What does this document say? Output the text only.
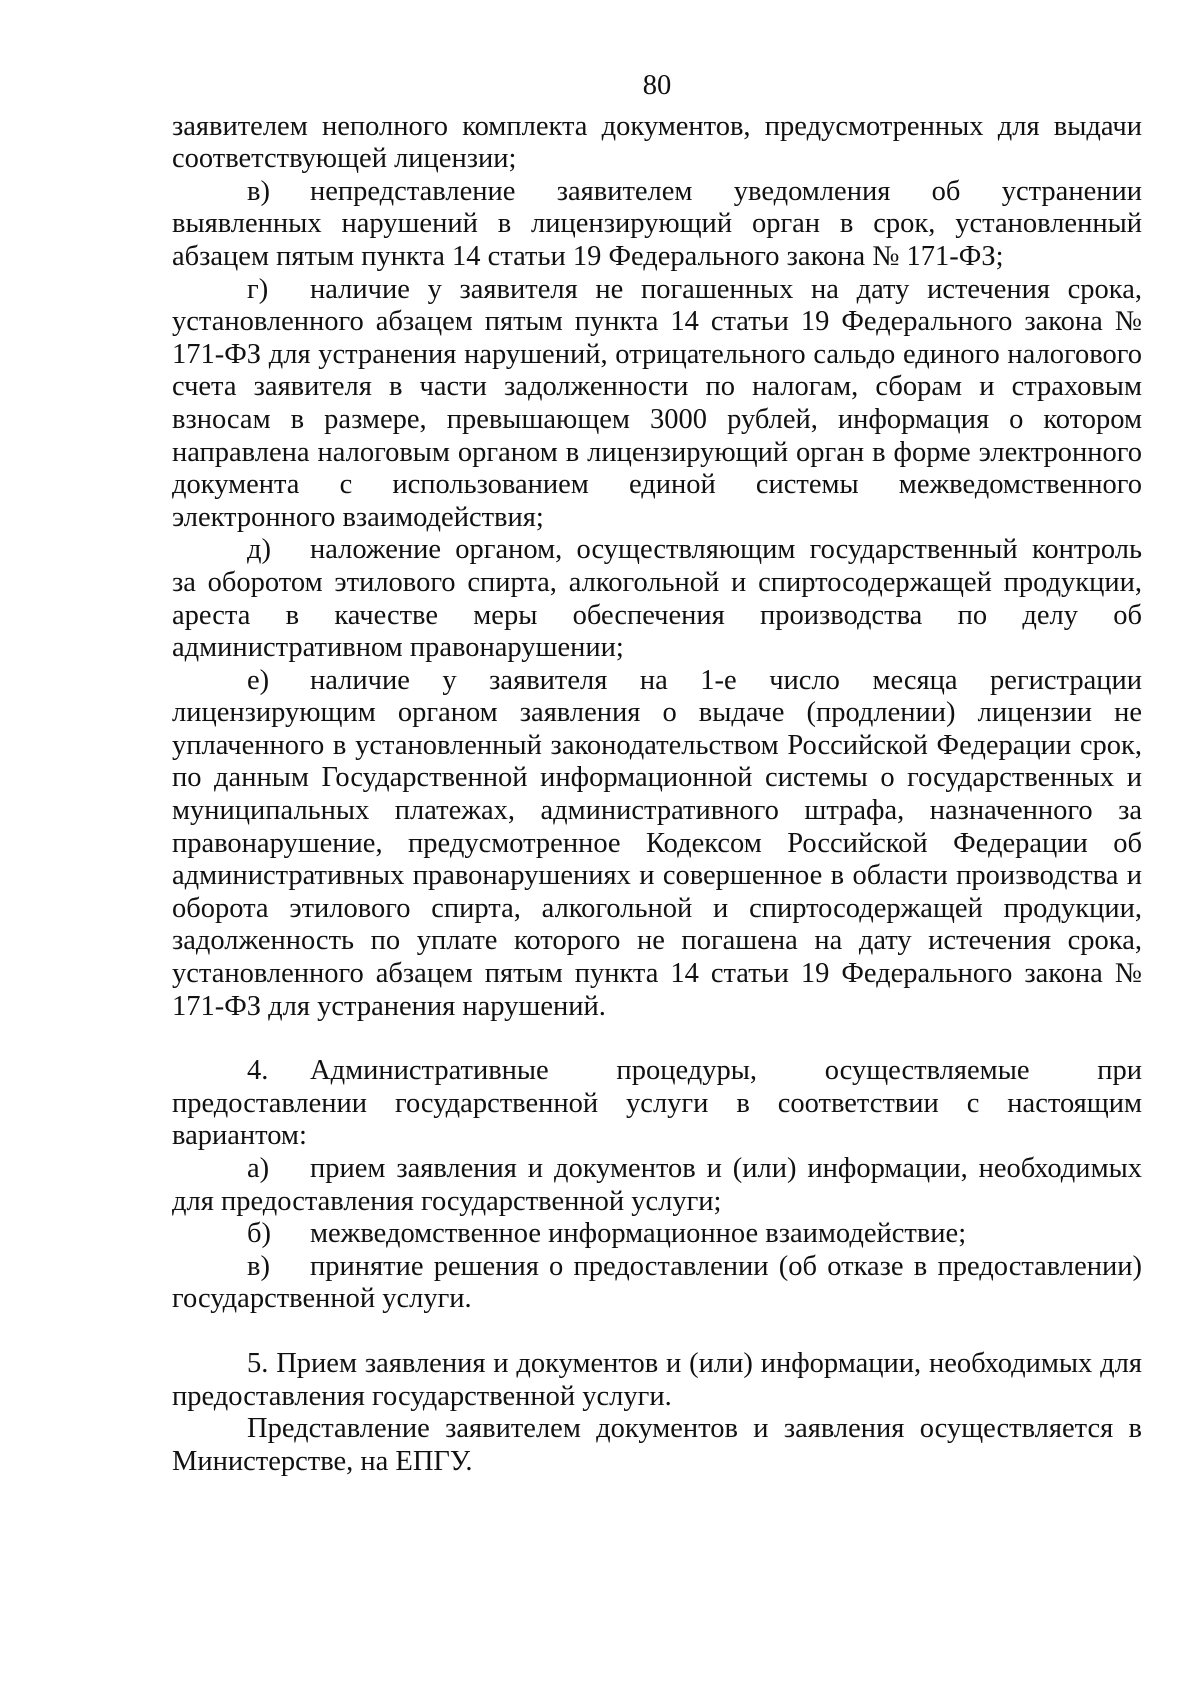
80

заявителем неполного комплекта документов, предусмотренных для выдачи соответствующей лицензии;

в) непредставление заявителем уведомления об устранении выявленных нарушений в лицензирующий орган в срок, установленный абзацем пятым пункта 14 статьи 19 Федерального закона № 171-ФЗ;

г) наличие у заявителя не погашенных на дату истечения срока, установленного абзацем пятым пункта 14 статьи 19 Федерального закона № 171-ФЗ для устранения нарушений, отрицательного сальдо единого налогового счета заявителя в части задолженности по налогам, сборам и страховым взносам в размере, превышающем 3000 рублей, информация о котором направлена налоговым органом в лицензирующий орган в форме электронного документа с использованием единой системы межведомственного электронного взаимодействия;

д) наложение органом, осуществляющим государственный контроль за оборотом этилового спирта, алкогольной и спиртосодержащей продукции, ареста в качестве меры обеспечения производства по делу об административном правонарушении;

е) наличие у заявителя на 1-е число месяца регистрации лицензирующим органом заявления о выдаче (продлении) лицензии не уплаченного в установленный законодательством Российской Федерации срок, по данным Государственной информационной системы о государственных и муниципальных платежах, административного штрафа, назначенного за правонарушение, предусмотренное Кодексом Российской Федерации об административных правонарушениях и совершенное в области производства и оборота этилового спирта, алкогольной и спиртосодержащей продукции, задолженность по уплате которого не погашена на дату истечения срока, установленного абзацем пятым пункта 14 статьи 19 Федерального закона № 171-ФЗ для устранения нарушений.

4. Административные процедуры, осуществляемые при предоставлении государственной услуги в соответствии с настоящим вариантом:

а) прием заявления и документов и (или) информации, необходимых для предоставления государственной услуги;

б) межведомственное информационное взаимодействие;

в) принятие решения о предоставлении (об отказе в предоставлении) государственной услуги.

5. Прием заявления и документов и (или) информации, необходимых для предоставления государственной услуги.

Представление заявителем документов и заявления осуществляется в Министерстве, на ЕПГУ.
